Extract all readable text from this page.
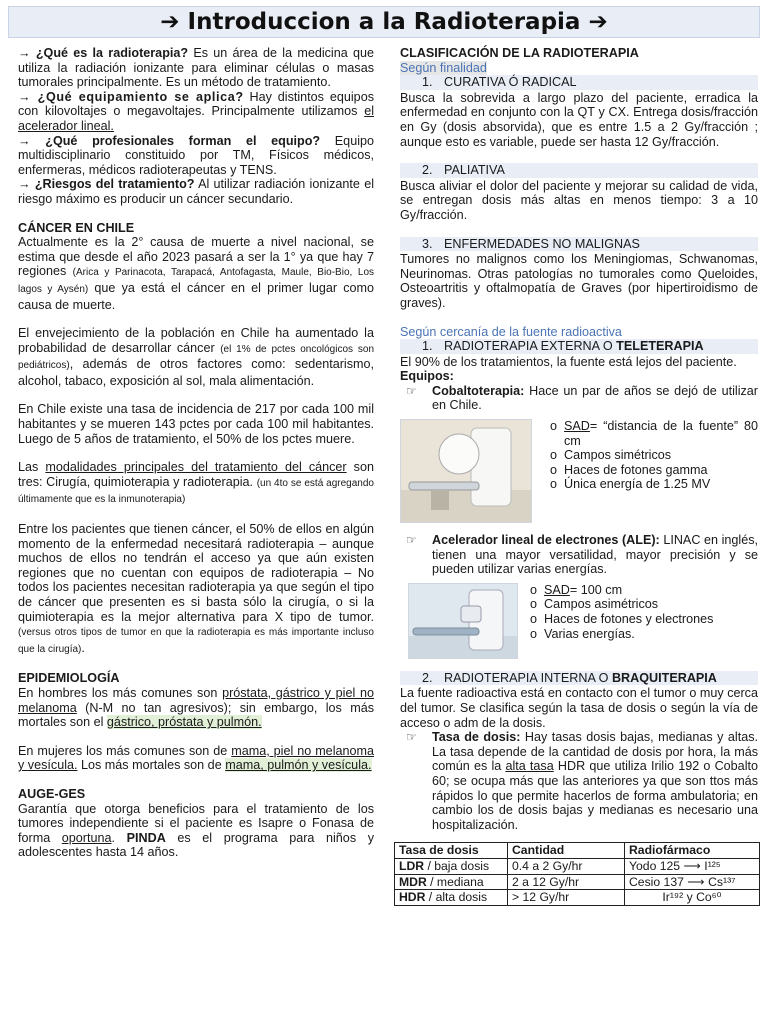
➔ Introduccion a la Radioterapia ➔

→ ¿Qué es la radioterapia? Es un área de la medicina que utiliza la radiación ionizante para eliminar células o masas tumorales principalmente. Es un método de tratamiento.

→ ¿Qué equipamiento se aplica? Hay distintos equipos con kilovoltajes o megavoltajes. Principalmente utilizamos el acelerador lineal.

→ ¿Qué profesionales forman el equipo? Equipo multidisciplinario constituido por TM, Físicos médicos, enfermeras, médicos radioterapeutas y TENS.

→ ¿Riesgos del tratamiento? Al utilizar radiación ionizante el riesgo máximo es producir un cáncer secundario.

CÁNCER EN CHILE

Actualmente es la 2° causa de muerte a nivel nacional, se estima que desde el año 2023 pasará a ser la 1° ya que hay 7 regiones (Arica y Parinacota, Tarapacá, Antofagasta, Maule, Bio-Bio, Los lagos y Aysén) que ya está el cáncer en el primer lugar como causa de muerte.

El envejecimiento de la población en Chile ha aumentado la probabilidad de desarrollar cáncer (el 1% de pctes oncológicos son pediátricos), además de otros factores como: sedentarismo, alcohol, tabaco, exposición al sol, mala alimentación.

En Chile existe una tasa de incidencia de 217 por cada 100 mil habitantes y se mueren 143 pctes por cada 100 mil habitantes. Luego de 5 años de tratamiento, el 50% de los pctes muere.

Las modalidades principales del tratamiento del cáncer son tres: Cirugía, quimioterapia y radioterapia. (un 4to se está agregando últimamente que es la inmunoterapia)

Entre los pacientes que tienen cáncer, el 50% de ellos en algún momento de la enfermedad necesitará radioterapia – aunque muchos de ellos no tendrán el acceso ya que aún existen regiones que no cuentan con equipos de radioterapia – No todos los pacientes necesitan radioterapia ya que según el tipo de cáncer que presenten es si basta sólo la cirugía, o si la quimioterapia es la mejor alternativa para X tipo de tumor. (versus otros tipos de tumor en que la radioterapia es más importante incluso que la cirugía).

EPIDEMIOLOGÍA

En hombres los más comunes son próstata, gástrico y piel no melanoma (N-M no tan agresivos); sin embargo, los más mortales son el gástrico, próstata y pulmón.

En mujeres los más comunes son de mama, piel no melanoma y vesícula. Los más mortales son de mama, pulmón y vesícula.

AUGE-GES

Garantía que otorga beneficios para el tratamiento de los tumores independiente si el paciente es Isapre o Fonasa de forma oportuna. PINDA es el programa para niños y adolescentes hasta 14 años.

CLASIFICACIÓN DE LA RADIOTERAPIA

Según finalidad

1. CURATIVA Ó RADICAL

Busca la sobrevida a largo plazo del paciente, erradica la enfermedad en conjunto con la QT y CX. Entrega dosis/fracción en Gy (dosis absorvida), que es entre 1.5 a 2 Gy/fracción ; aunque esto es variable, puede ser hasta 12 Gy/fracción.

2. PALIATIVA

Busca aliviar el dolor del paciente y mejorar su calidad de vida, se entregan dosis más altas en menos tiempo: 3 a 10 Gy/fracción.

3. ENFERMEDADES NO MALIGNAS

Tumores no malignos como los Meningiomas, Schwanomas, Neurinomas. Otras patologías no tumorales como Queloides, Osteoartritis y oftalmopatía de Graves (por hipertiroidismo de graves).

Según cercanía de la fuente radioactiva

1. RADIOTERAPIA EXTERNA O TELETERAPIA

El 90% de los tratamientos, la fuente está lejos del paciente.

Equipos:

☞	Cobaltoterapia: Hace un par de años se dejó de utilizar en Chile.
o SAD= “distancia de la fuente” 80 cm
o Campos simétricos
o Haces de fotones gamma
o Única energía de 1.25 MV
☞	Acelerador lineal de electrones (ALE): LINAC en inglés, tienen una mayor versatilidad, mayor precisión y se pueden utilizar varias energías.
o SAD= 100 cm
o Campos asimétricos
o Haces de fotones y electrones
o Varias energías.
2. RADIOTERAPIA INTERNA O BRAQUITERAPIA

La fuente radioactiva está en contacto con el tumor o muy cerca del tumor. Se clasifica según la tasa de dosis o según la vía de acceso o adm de la dosis.

☞	Tasa de dosis: Hay tasas dosis bajas, medianas y altas. La tasa depende de la cantidad de dosis por hora, la más común es la alta tasa HDR que utiliza Irilio 192 o Cobalto 60; se ocupa más que las anteriores ya que son ttos más rápidos lo que permite hacerlos de forma ambulatoria; en cambio los de dosis bajas y medianas es necesario una hospitalización.
Tasa de dosis	Cantidad	Radiofármaco
LDR / baja dosis	0.4 a 2 Gy/hr	Yodo 125 ⟶ I¹²⁵
MDR / mediana	2 a 12 Gy/hr	Cesio 137 ⟶ Cs¹³⁷
HDR / alta dosis	> 12 Gy/hr	Ir¹⁹² y Co⁶⁰
